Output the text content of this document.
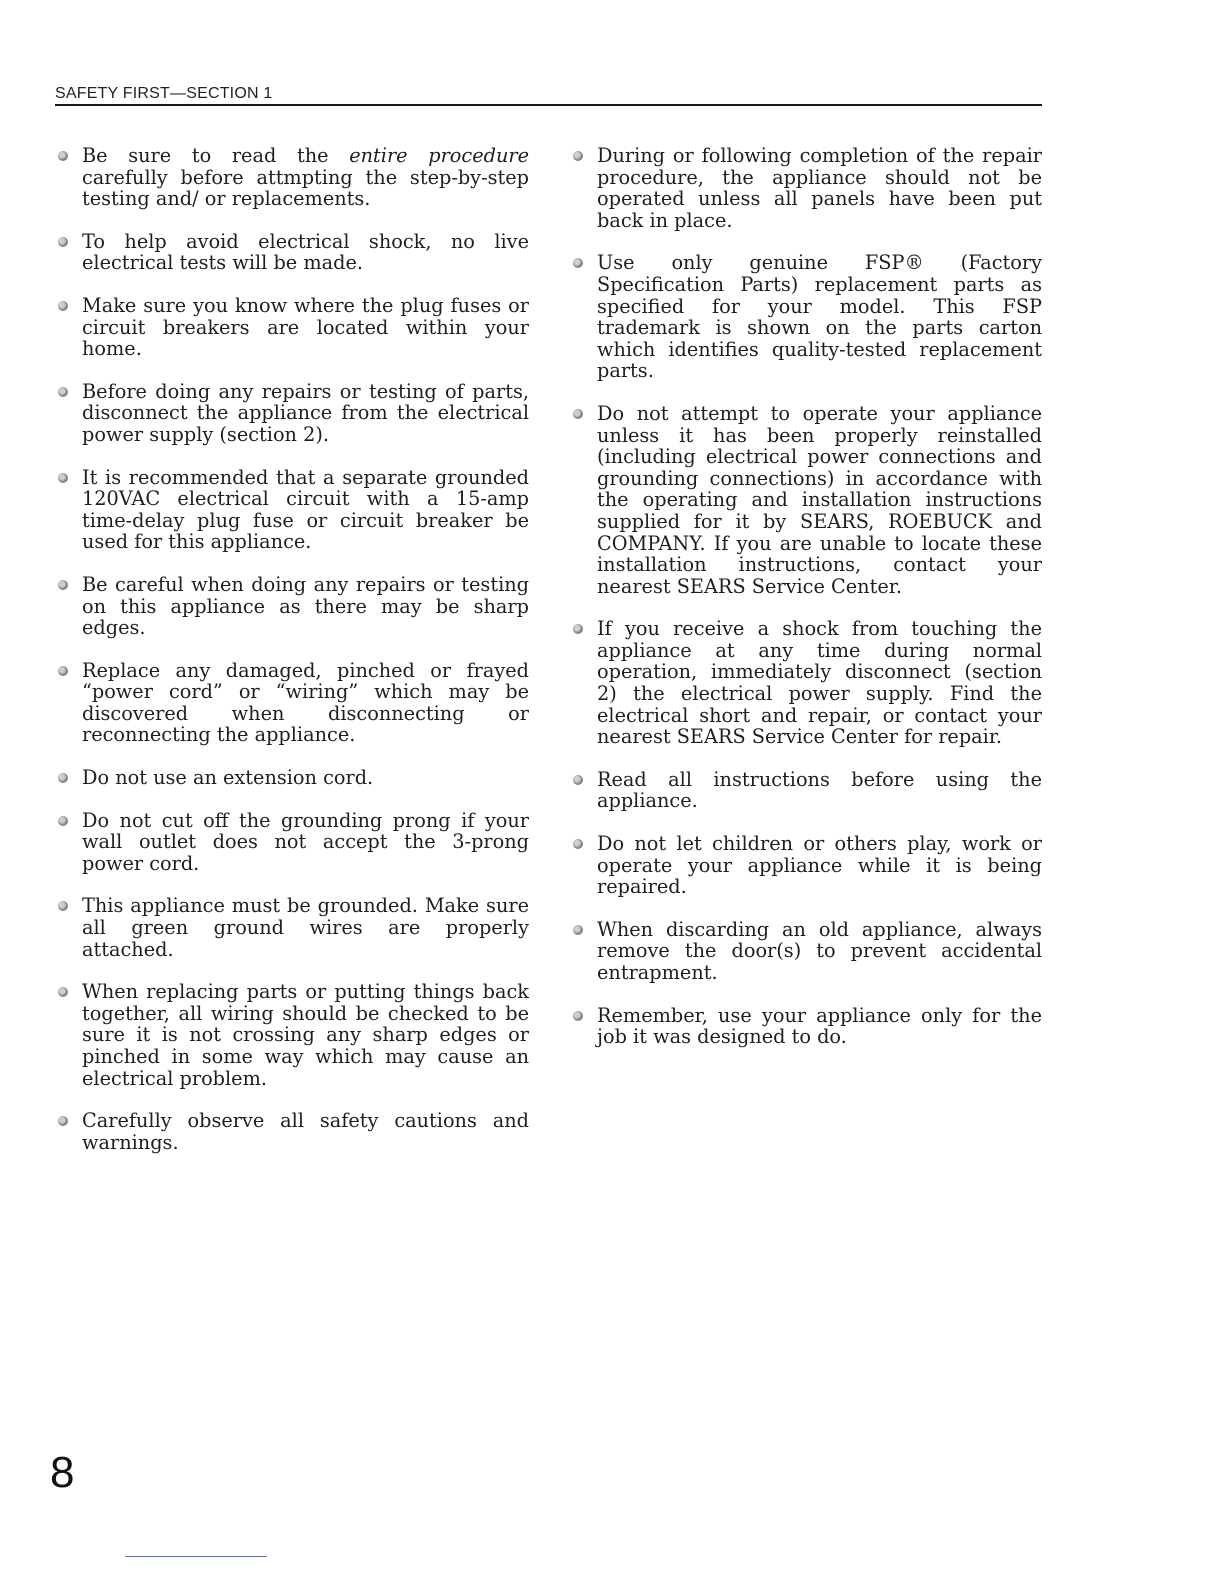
SAFETY FIRST—SECTION 1
Be sure to read the entire procedure carefully before attmpting the step-by-step testing and/ or replacements.
To help avoid electrical shock, no live electrical tests will be made.
Make sure you know where the plug fuses or circuit breakers are located within your home.
Before doing any repairs or testing of parts, disconnect the appliance from the electrical power supply (section 2).
It is recommended that a separate grounded 120VAC electrical circuit with a 15-amp time-delay plug fuse or circuit breaker be used for this appliance.
Be careful when doing any repairs or testing on this appliance as there may be sharp edges.
Replace any damaged, pinched or frayed “power cord” or “wiring” which may be discovered when disconnecting or reconnecting the appliance.
Do not use an extension cord.
Do not cut off the grounding prong if your wall outlet does not accept the 3-prong power cord.
This appliance must be grounded. Make sure all green ground wires are properly attached.
When replacing parts or putting things back together, all wiring should be checked to be sure it is not crossing any sharp edges or pinched in some way which may cause an electrical problem.
Carefully observe all safety cautions and warnings.
During or following completion of the repair procedure, the appliance should not be operated unless all panels have been put back in place.
Use only genuine FSP® (Factory Specification Parts) replacement parts as specified for your model. This FSP trademark is shown on the parts carton which identifies quality-tested replacement parts.
Do not attempt to operate your appliance unless it has been properly reinstalled (including electrical power connections and grounding connections) in accordance with the operating and installation instructions supplied for it by SEARS, ROEBUCK and COMPANY. If you are unable to locate these installation instructions, contact your nearest SEARS Service Center.
If you receive a shock from touching the appliance at any time during normal operation, immediately disconnect (section 2) the electrical power supply. Find the electrical short and repair, or contact your nearest SEARS Service Center for repair.
Read all instructions before using the appliance.
Do not let children or others play, work or operate your appliance while it is being repaired.
When discarding an old appliance, always remove the door(s) to prevent accidental entrapment.
Remember, use your appliance only for the job it was designed to do.
8
